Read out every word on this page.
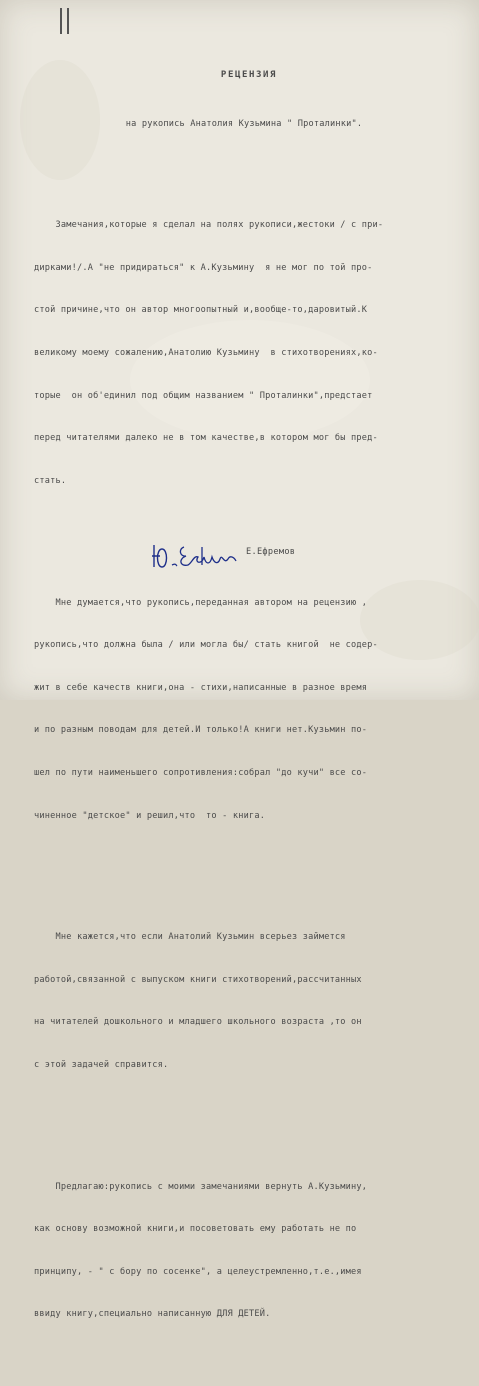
РЕЦЕНЗИЯ

на рукопись Анатолия Кузьмина " Проталинки".

Замечания,которые я сделал на полях рукописи,жестоки / с при-

дирками!/.А "не придираться" к А.Кузьмину  я не мог по той про-

стой причине,что он автор многоопытный и,вообще-то,даровитый.К

великому моему сожалению,Анатолию Кузьмину  в стихотворениях,ко-

торые  он об'единил под общим названием " Проталинки",предстает

перед читателями далеко не в том качестве,в котором мог бы пред-

стать.

Мне думается,что рукопись,переданная автором на рецензию ,

рукопись,что должна была / или могла бы/ стать книгой  не содер-

жит в себе качеств книги,она - стихи,написанные в разное время

и по разным поводам для детей.И только!А книги нет.Кузьмин по-

шел по пути наименьшего сопротивления:собрал "до кучи" все со-

чиненное "детское" и решил,что  то - книга.

Мне кажется,что если Анатолий Кузьмин всерьез займется

работой,связанной с выпуском книги стихотворений,рассчитанных

на читателей дошкольного и младшего школьного возраста ,то он

с этой задачей справится.

Предлагаю:рукопись с моими замечаниями вернуть А.Кузьмину,

как основу возможной книги,и посоветовать ему работать не по

принципу, - " с бору по сосенке", а целеустремленно,т.е.,имея

ввиду книгу,специально написанную ДЛЯ ДЕТЕЙ.

Е.Ефремов
